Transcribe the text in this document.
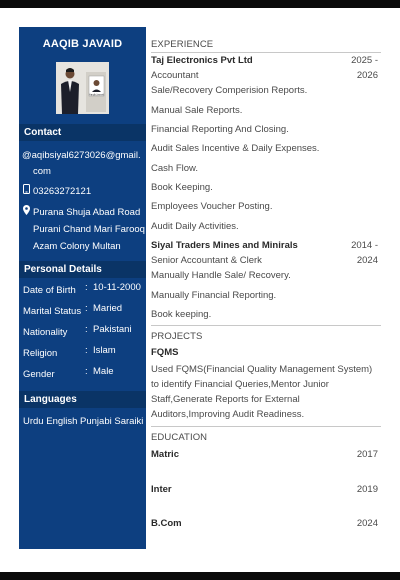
AAQIB JAVAID
Aaqib Javaid
Contact
@aqibsiyal6273026@gmail.
com
03263272121
Purana Shuja Abad Road
Purani Chand Mari Farooq
Azam Colony Multan
Personal Details
Date of Birth : 10-11-2000
Marital Status : Maried
Nationality : Pakistani
Religion	: Islam
Gender	: Male
Languages
Urdu English Punjabi Saraiki
EXPERIENCE
Taj Electronics Pvt Ltd	2025 -
2026
Accountant
Sale/Recovery Comperision Reports.
Manual Sale Reports.
Financial Reporting And Closing.
Audit Sales Incentive & Daily Expenses.
Cash Flow.
Book Keeping.
Employees Voucher Posting.
Audit Daily Activities.
Siyal Traders Mines and Minirals	2014 -
2024
Senior Accountant & Clerk
Manually Handle Sale/ Recovery.
Manually Financial Reporting.
Book keeping.
PROJECTS
FQMS
Used FQMS(Financial Quality Management System)
to identify Financial Queries,Mentor Junior
Staff,Generate Reports for External
Auditors,Improving Audit Readiness.
EDUCATION
Matric	2017
Inter	2019
B.Com	2024
